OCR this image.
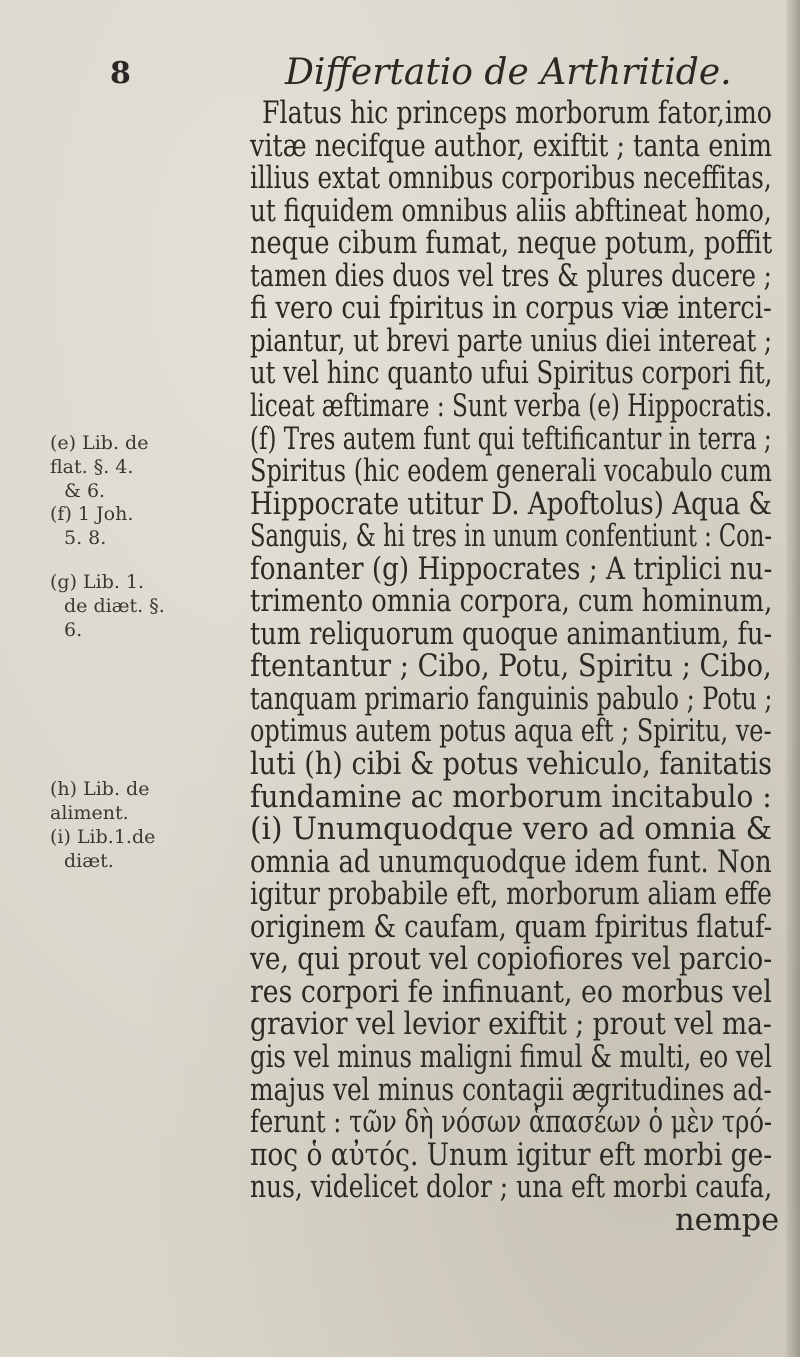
8	Differtatio de Arthritide.
Flatus hic princeps morborum fator,imo
vitæ necifque author, exiftit ; tanta enim
illius extat omnibus corporibus neceffitas,
ut fiquidem omnibus aliis abftineat homo,
neque cibum fumat, neque potum, poffit
tamen dies duos vel tres & plures ducere ;
fi vero cui fpiritus in corpus viæ interci-
piantur, ut brevi parte unius diei intereat ;
ut vel hinc quanto ufui Spiritus corpori fit,
liceat æftimare : Sunt verba (e) Hippocratis.
(f) Tres autem funt qui teftificantur in terra ;
Spiritus (hic eodem generali vocabulo cum
Hippocrate utitur D. Apoftolus) Aqua &
Sanguis, & hi tres in unum confentiunt : Con-
fonanter (g) Hippocrates ; A triplici nu-
trimento omnia corpora, cum hominum,
tum reliquorum quoque animantium, fu-
ftentantur ; Cibo, Potu, Spiritu ; Cibo,
tanquam primario fanguinis pabulo ; Potu ;
optimus autem potus aqua eft ; Spiritu, ve-
luti (h) cibi & potus vehiculo, fanitatis
fundamine ac morborum incitabulo :
(i) Unumquodque vero ad omnia &
omnia ad unumquodque idem funt. Non
igitur probabile eft, morborum aliam effe
originem & caufam, quam fpiritus flatuf-
ve, qui prout vel copiofiores vel parcio-
res corpori fe infinuant, eo morbus vel
gravior vel levior exiftit ; prout vel ma-
gis vel minus maligni fimul & multi, eo vel
majus vel minus contagii ægritudines ad-
ferunt : τῶν δὴ νόσων ἁπασέων ὁ μὲν τρό-
πος ὁ αὐτός. Unum igitur eft morbi ge-
nus, videlicet dolor ; una eft morbi caufa,
nempe
(e) Lib. de
flat. §. 4.
& 6.
(f) 1 Joh.
5. 8.
(g) Lib. 1.
de diæt. §.
6.
(h) Lib. de
aliment.
(i) Lib.1.de
diæt.
